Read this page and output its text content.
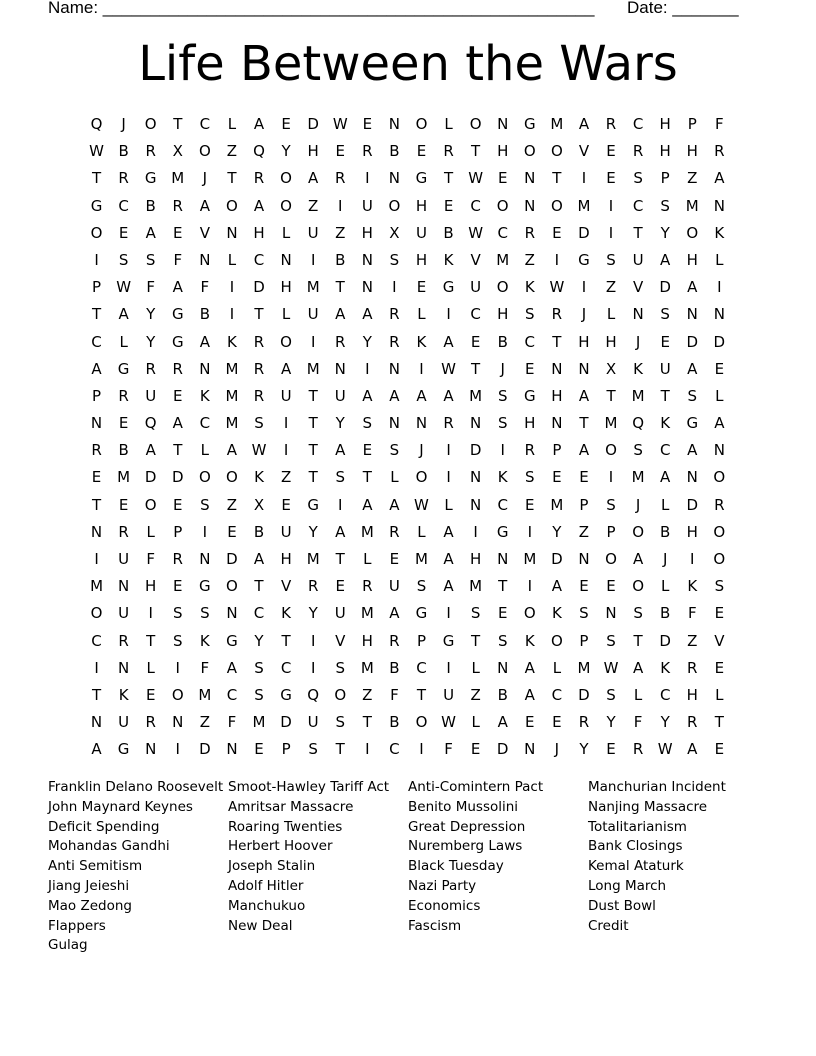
Name: ____________________________________________________ Date: _______
Life Between the Wars
Q	J	O	T	C	L	A	E	D W E	N	O	L	O	N	G M	A	R	C	H	P	F
W B	R	X	O	Z	Q	Y	H	E	R	B	E	R	T	H	O	O	V	E	R	H	H	R
T	R	G M	J	T	R	O	A	R	I	N	G	T	W E	N	T	I	E	S	P	Z	A
G	C	B	R	A	O	A	O	Z	I	U	O	H	E	C	O	N	O M	I	C	S	M N
O	E	A	E	V	N	H	L	U	Z	H	X	U	B W C	R	E	D	I	T	Y	O	K
I	S	S	F	N	L	C	N	I	B	N	S	H	K	V	M	Z	I	G	S	U	A	H	L
P	W	F	A	F	I	D	H M	T	N	I	E	G	U	O	K W	I	Z	V	D	A	I
T	A	Y	G	B	I	T	L	U	A	A	R	L	I	C	H	S	R	J	L	N	S	N	N
C	L	Y	G	A	K	R	O	I	R	Y	R	K	A	E	B	C	T	H	H	J	E	D	D
A	G	R	R	N M	R	A	M N	I	N	I	W	T	J	E	N	N	X	K	U	A	E
P	R	U	E	K	M	R	U	T	U	A	A	A	A	M	S	G	H	A	T	M	T	S	L
N	E	Q	A	C	M	S	I	T	Y	S	N	N	R	N	S	H	N	T	M Q	K	G	A
R	B	A	T	L	A W	I	T	A	E	S	J	I	D	I	R	P	A	O	S	C	A	N
E	M D	D	O	O	K	Z	T	S	T	L	O	I	N	K	S	E	E	I	M	A	N	O
T	E	O	E	S	Z	X	E	G	I	A	A W	L	N	C	E	M	P	S	J	L	D	R
N	R	L	P	I	E	B	U	Y	A	M	R	L	A	I	G	I	Y	Z	P	O	B	H	O
I	U	F	R	N	D	A	H M	T	L	E	M	A	H	N M D	N	O	A	J	I	O
M N	H	E	G	O	T	V	R	E	R	U	S	A	M	T	I	A	E	E	O	L	K	S
O	U	I	S	S	N	C	K	Y	U	M	A	G	I	S	E	O	K	S	N	S	B	F	E
C	R	T	S	K	G	Y	T	I	V	H	R	P	G	T	S	K	O	P	S	T	D	Z	V
I	N	L	I	F	A	S	C	I	S	M	B	C	I	L	N	A	L	M W A	K	R	E
T	K	E	O M	C	S	G	Q	O	Z	F	T	U	Z	B	A	C	D	S	L	C	H	L
N	U	R	N	Z	F	M D	U	S	T	B	O W	L	A	E	E	R	Y	F	Y	R	T
A	G	N	I	D	N	E	P	S	T	I	C	I	F	E	D	N	J	Y	E	R W A	E
Franklin Delano Roosevelt
John Maynard Keynes
Deficit Spending
Mohandas Gandhi
Anti Semitism
Jiang Jeieshi
Mao Zedong
Flappers
Gulag
Smoot-Hawley Tariff Act
Amritsar Massacre
Roaring Twenties
Herbert Hoover
Joseph Stalin
Adolf Hitler
Manchukuo
New Deal
Anti-Comintern Pact
Benito Mussolini
Great Depression
Nuremberg Laws
Black Tuesday
Nazi Party
Economics
Fascism
Manchurian Incident
Nanjing Massacre
Totalitarianism
Bank Closings
Kemal Ataturk
Long March
Dust Bowl
Credit
